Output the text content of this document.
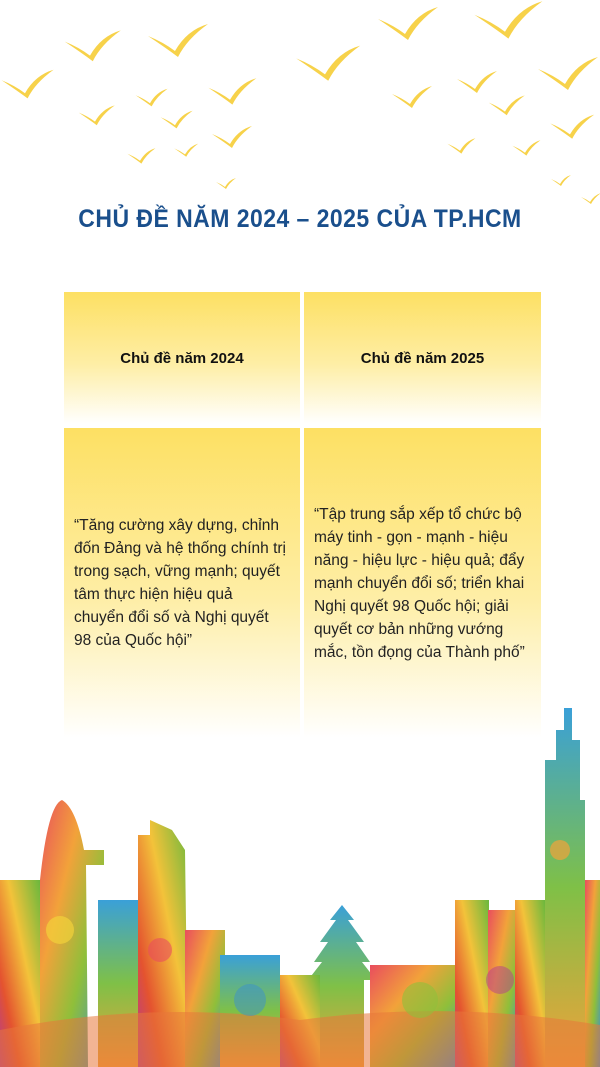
CHỦ ĐỀ NĂM 2024 – 2025 CỦA TP.HCM
Chủ đề năm 2024	Chủ đề năm 2025
“Tăng cường xây dựng, chỉnh đốn Đảng và hệ thống chính trị trong sạch, vững mạnh; quyết tâm thực hiện hiệu quả chuyển đổi số và Nghị quyết 98 của Quốc hội”
“Tập trung sắp xếp tổ chức bộ máy tinh - gọn - mạnh - hiệu năng - hiệu lực - hiệu quả; đẩy mạnh chuyển đổi số; triển khai Nghị quyết 98 Quốc hội; giải quyết cơ bản những vướng mắc, tồn đọng của Thành phố”
